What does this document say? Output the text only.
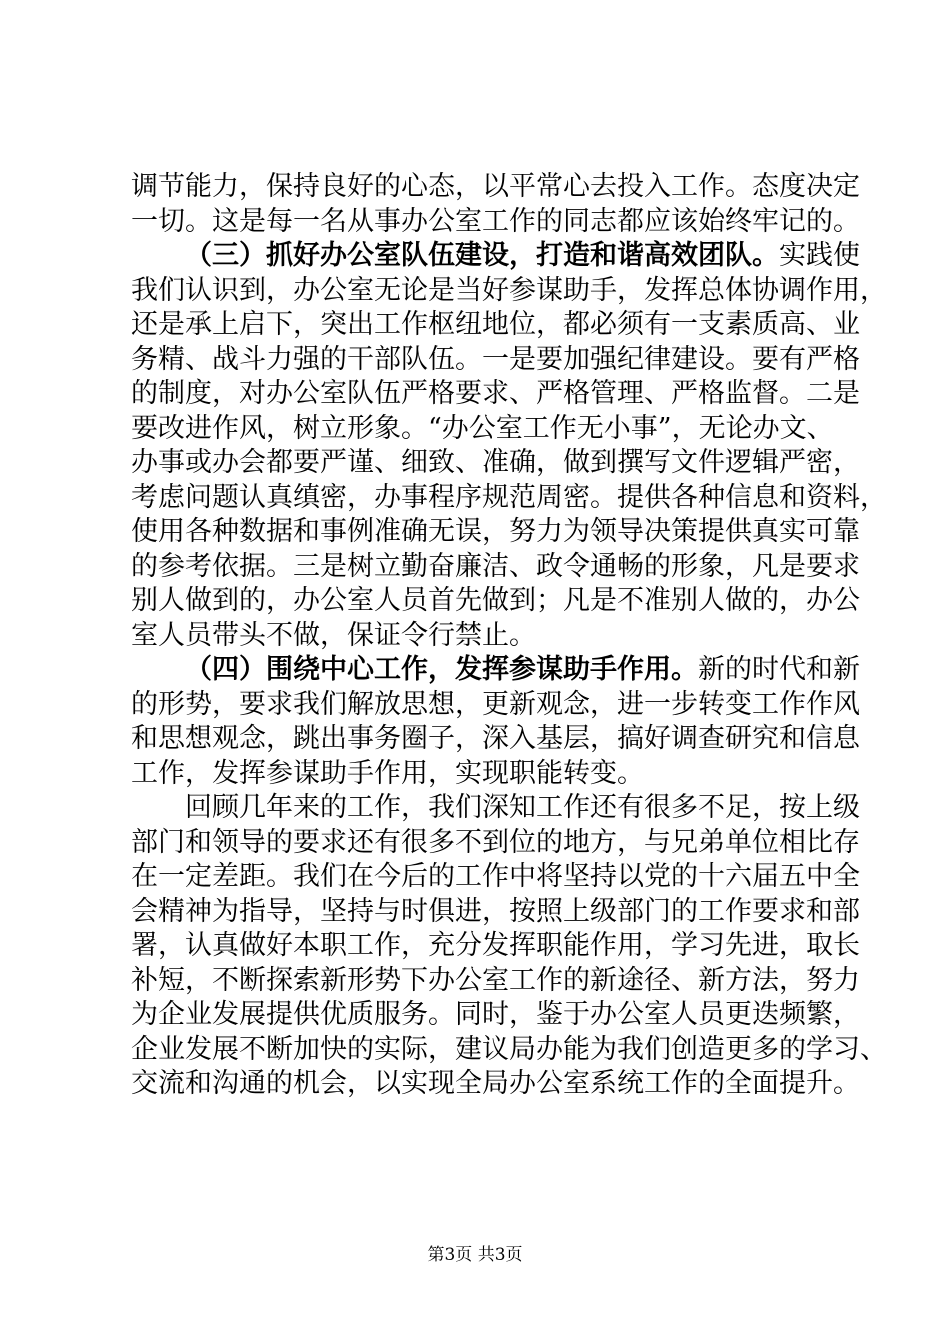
调节能力，保持良好的心态，以平常心去投入工作。态度决定
一切。这是每一名从事办公室工作的同志都应该始终牢记的。
（三）抓好办公室队伍建设，打造和谐高效团队。实践使
我们认识到，办公室无论是当好参谋助手，发挥总体协调作用，
还是承上启下，突出工作枢纽地位，都必须有一支素质高、业
务精、战斗力强的干部队伍。一是要加强纪律建设。要有严格
的制度，对办公室队伍严格要求、严格管理、严格监督。二是
要改进作风，树立形象。“办公室工作无小事”，无论办文、
办事或办会都要严谨、细致、准确，做到撰写文件逻辑严密，
考虑问题认真缜密，办事程序规范周密。提供各种信息和资料，
使用各种数据和事例准确无误，努力为领导决策提供真实可靠
的参考依据。三是树立勤奋廉洁、政令通畅的形象，凡是要求
别人做到的，办公室人员首先做到；凡是不准别人做的，办公
室人员带头不做，保证令行禁止。
（四）围绕中心工作，发挥参谋助手作用。新的时代和新
的形势，要求我们解放思想，更新观念，进一步转变工作作风
和思想观念，跳出事务圈子，深入基层，搞好调查研究和信息
工作，发挥参谋助手作用，实现职能转变。
回顾几年来的工作，我们深知工作还有很多不足，按上级
部门和领导的要求还有很多不到位的地方，与兄弟单位相比存
在一定差距。我们在今后的工作中将坚持以党的十六届五中全
会精神为指导，坚持与时俱进，按照上级部门的工作要求和部
署，认真做好本职工作，充分发挥职能作用，学习先进，取长
补短，不断探索新形势下办公室工作的新途径、新方法，努力
为企业发展提供优质服务。同时，鉴于办公室人员更迭频繁，
企业发展不断加快的实际，建议局办能为我们创造更多的学习、
交流和沟通的机会，以实现全局办公室系统工作的全面提升。
第3页 共3页
